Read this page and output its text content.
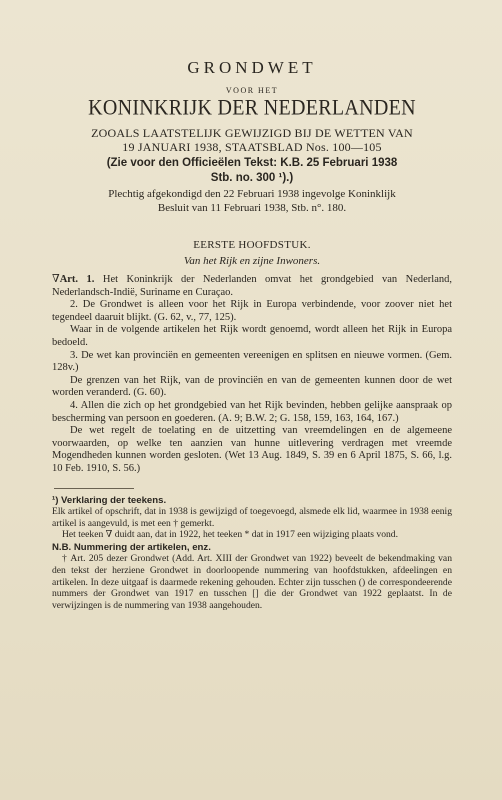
GRONDWET
VOOR HET
KONINKRIJK DER NEDERLANDEN
ZOOALS LAATSTELIJK GEWIJZIGD BIJ DE WETTEN VAN
19 JANUARI 1938, STAATSBLAD Nos. 100—105
(Zie voor den Officieëlen Tekst: K.B. 25 Februari 1938
Stb. no. 300 ¹).)
Plechtig afgekondigd den 22 Februari 1938 ingevolge Koninklijk
Besluit van 11 Februari 1938, Stb. n°. 180.
EERSTE HOOFDSTUK.
Van het Rijk en zijne Inwoners.
∇Art. 1. Het Koninkrijk der Nederlanden omvat het grondgebied van Nederland, Nederlandsch-Indië, Suriname en Curaçao.
2. De Grondwet is alleen voor het Rijk in Europa verbindende, voor zoover niet het tegendeel daaruit blijkt. (G. 62, v., 77, 125).
Waar in de volgende artikelen het Rijk wordt genoemd, wordt alleen het Rijk in Europa bedoeld.
3. De wet kan provinciën en gemeenten vereenigen en splitsen en nieuwe vormen. (Gem. 128v.)
De grenzen van het Rijk, van de provinciën en van de gemeenten kunnen door de wet worden veranderd. (G. 60).
4. Allen die zich op het grondgebied van het Rijk bevinden, hebben gelijke aanspraak op bescherming van persoon en goederen. (A. 9; B.W. 2; G. 158, 159, 163, 164, 167.)
De wet regelt de toelating en de uitzetting van vreemdelingen en de algemeene voorwaarden, op welke ten aanzien van hunne uitlevering verdragen met vreemde Mogendheden kunnen worden gesloten. (Wet 13 Aug. 1849, S. 39 en 6 April 1875, S. 66, l.g. 10 Feb. 1910, S. 56.)
¹) Verklaring der teekens.
Elk artikel of opschrift, dat in 1938 is gewijzigd of toegevoegd, alsmede elk lid, waarmee in 1938 eenig artikel is aangevuld, is met een † gemerkt.
Het teeken ∇ duidt aan, dat in 1922, het teeken * dat in 1917 een wijziging plaats vond.
N.B. Nummering der artikelen, enz.
† Art. 205 dezer Grondwet (Add. Art. XIII der Grondwet van 1922) beveelt de bekendmaking van den tekst der herziene Grondwet in doorloopende nummering van hoofdstukken, afdeelingen en artikelen. In deze uitgaaf is daarmede rekening gehouden. Echter zijn tusschen () de correspondeerende nummers der Grondwet van 1917 en tusschen [] die der Grondwet van 1922 geplaatst. In de verwijzingen is de nummering van 1938 aangehouden.
